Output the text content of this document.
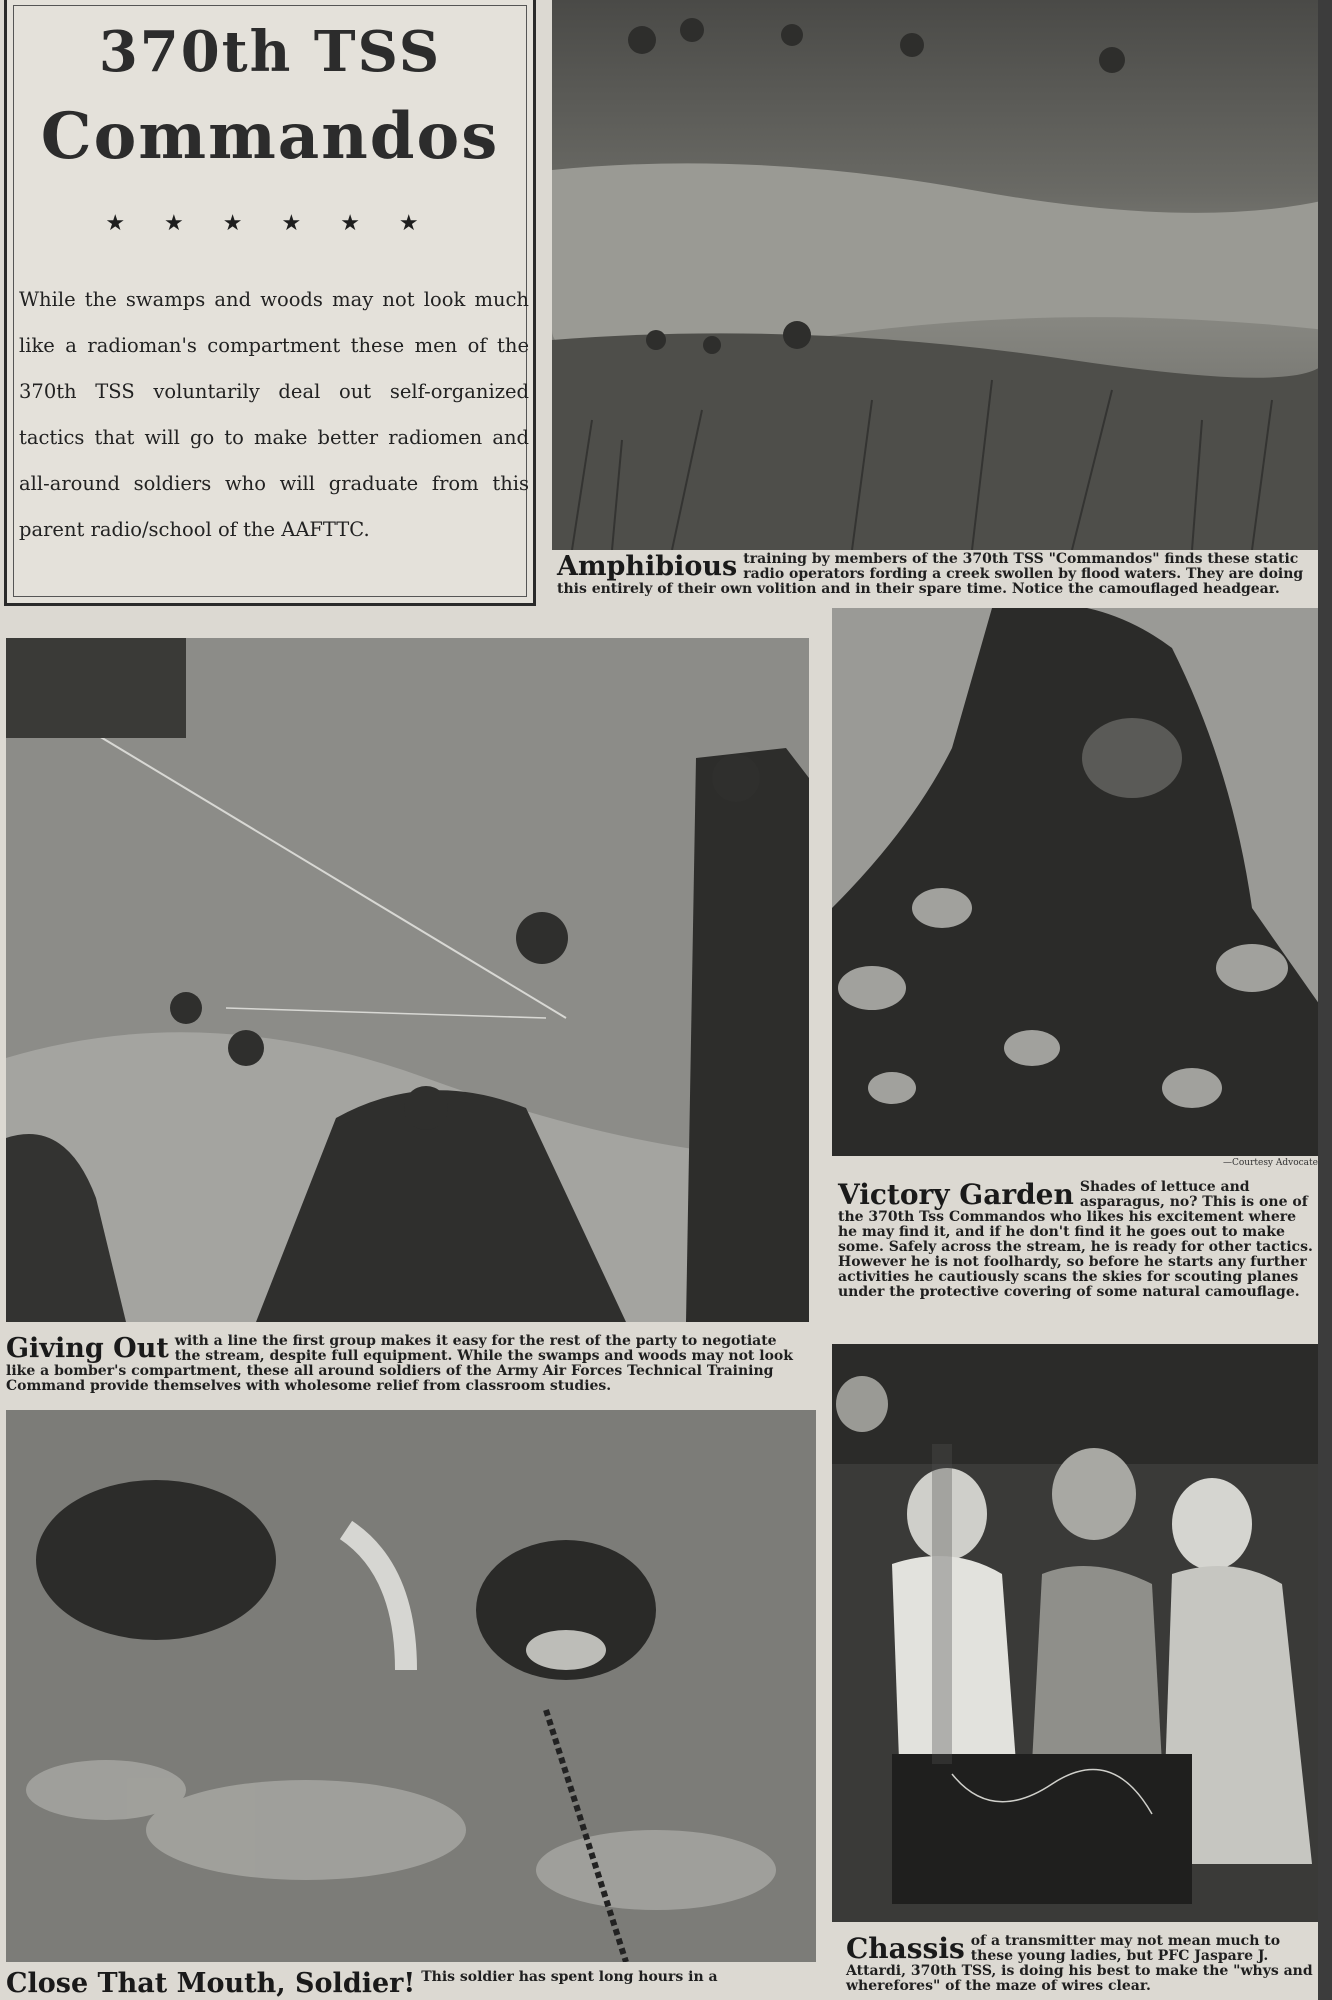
370th TSS
Commandos
★ ★ ★ ★ ★ ★
While the swamps and woods may not look much like a radioman's compartment these men of the 370th TSS voluntarily deal out self-organized tactics that will go to make better radiomen and all-around soldiers who will graduate from this parent radio/school of the AAFTTC.
Amphibious training by members of the 370th TSS "Commandos" finds these static radio operators fording a creek swollen by flood waters. They are doing this entirely of their own volition and in their spare time. Notice the camouflaged headgear.
Giving Out with a line the first group makes it easy for the rest of the party to negotiate the stream, despite full equipment. While the swamps and woods may not look like a bomber's compartment, these all around soldiers of the Army Air Forces Technical Training Command provide themselves with wholesome relief from classroom studies.
—Courtesy Advocate
Victory Garden Shades of lettuce and asparagus, no? This is one of the 370th Tss Commandos who likes his excitement where he may find it, and if he don't find it he goes out to make some. Safely across the stream, he is ready for other tactics. However he is not foolhardy, so before he starts any further activities he cautiously scans the skies for scouting planes under the protective covering of some natural camouflage.
Close That Mouth, Soldier! This soldier has spent long hours in a
Chassis of a transmitter may not mean much to these young ladies, but PFC Jaspare J. Attardi, 370th TSS, is doing his best to make the "whys and wherefores" of the maze of wires clear.
